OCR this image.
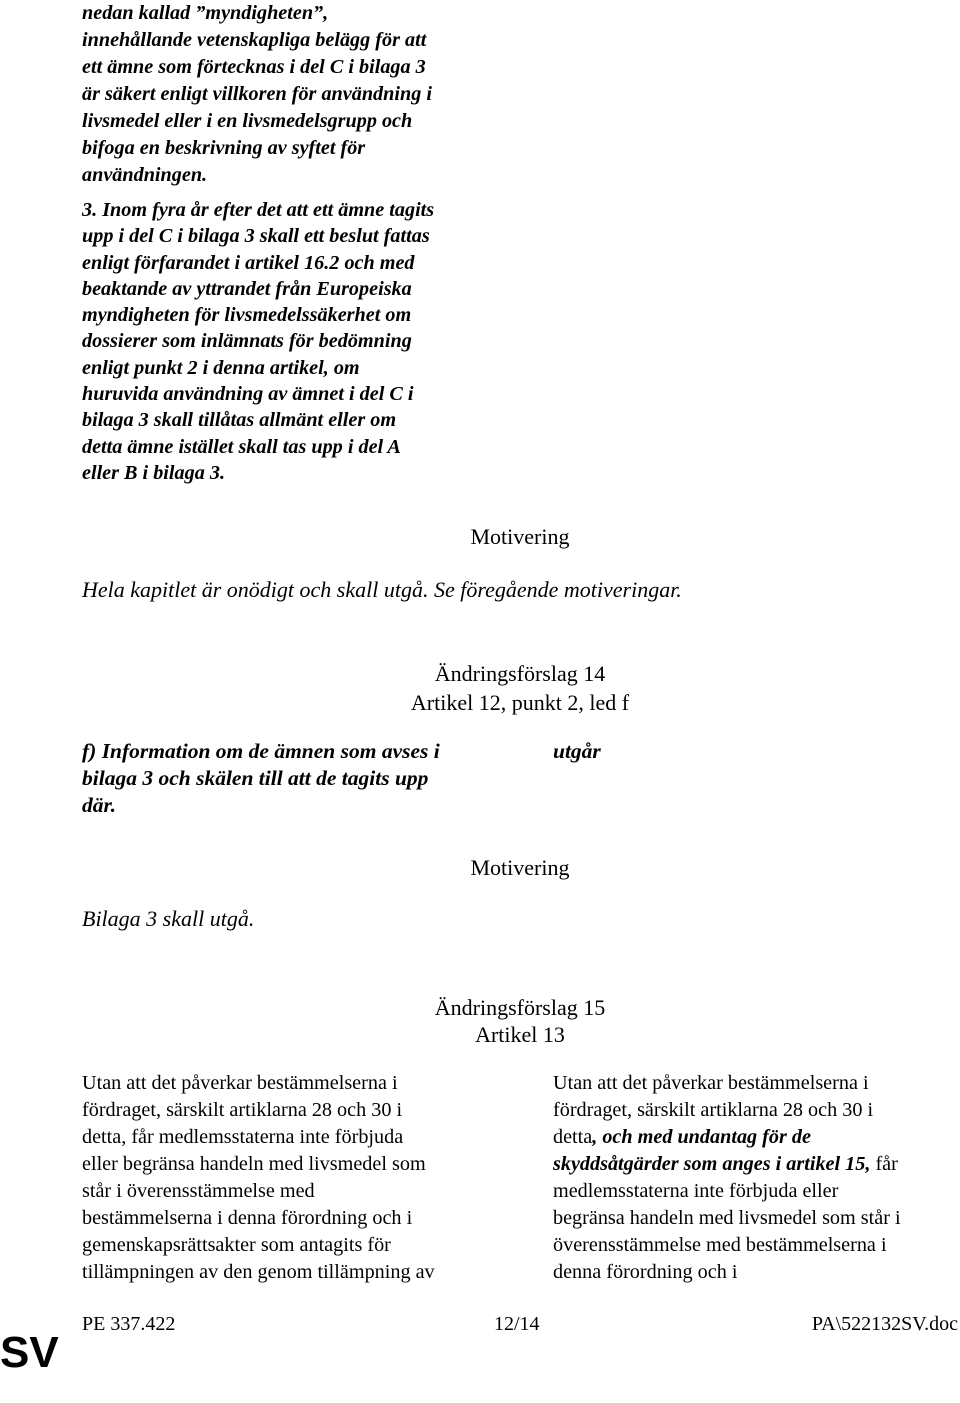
nedan kallad ”myndigheten”,
innehållande vetenskapliga belägg för att
ett ämne som förtecknas i del C i bilaga 3
är säkert enligt villkoren för användning i
livsmedel eller i en livsmedelsgrupp och
bifoga en beskrivning av syftet för
användningen.
3. Inom fyra år efter det att ett ämne tagits
upp i del C i bilaga 3 skall ett beslut fattas
enligt förfarandet i artikel 16.2 och med
beaktande av yttrandet från Europeiska
myndigheten för livsmedelssäkerhet om
dossierer som inlämnats för bedömning
enligt punkt 2 i denna artikel, om
huruvida användning av ämnet i del C i
bilaga 3 skall tillåtas allmänt eller om
detta ämne istället skall tas upp i del A
eller B i bilaga 3.
Motivering
Hela kapitlet är onödigt och skall utgå. Se föregående motiveringar.
Ändringsförslag 14
Artikel 12, punkt 2, led f
f) Information om de ämnen som avses i
bilaga 3 och skälen till att de tagits upp
där.
utgår
Motivering
Bilaga 3 skall utgå.
Ändringsförslag 15
Artikel 13
Utan att det påverkar bestämmelserna i
fördraget, särskilt artiklarna 28 och 30 i
detta, får medlemsstaterna inte förbjuda
eller begränsa handeln med livsmedel som
står i överensstämmelse med
bestämmelserna i denna förordning och i
gemenskapsrättsakter som antagits för
tillämpningen av den genom tillämpning av
Utan att det påverkar bestämmelserna i
fördraget, särskilt artiklarna 28 och 30 i
detta, och med undantag för de
skyddsåtgärder som anges i artikel 15, får
medlemsstaterna inte förbjuda eller
begränsa handeln med livsmedel som står i
överensstämmelse med bestämmelserna i
denna förordning och i
PE 337.422	12/14	PA\522132SV.doc
SV
